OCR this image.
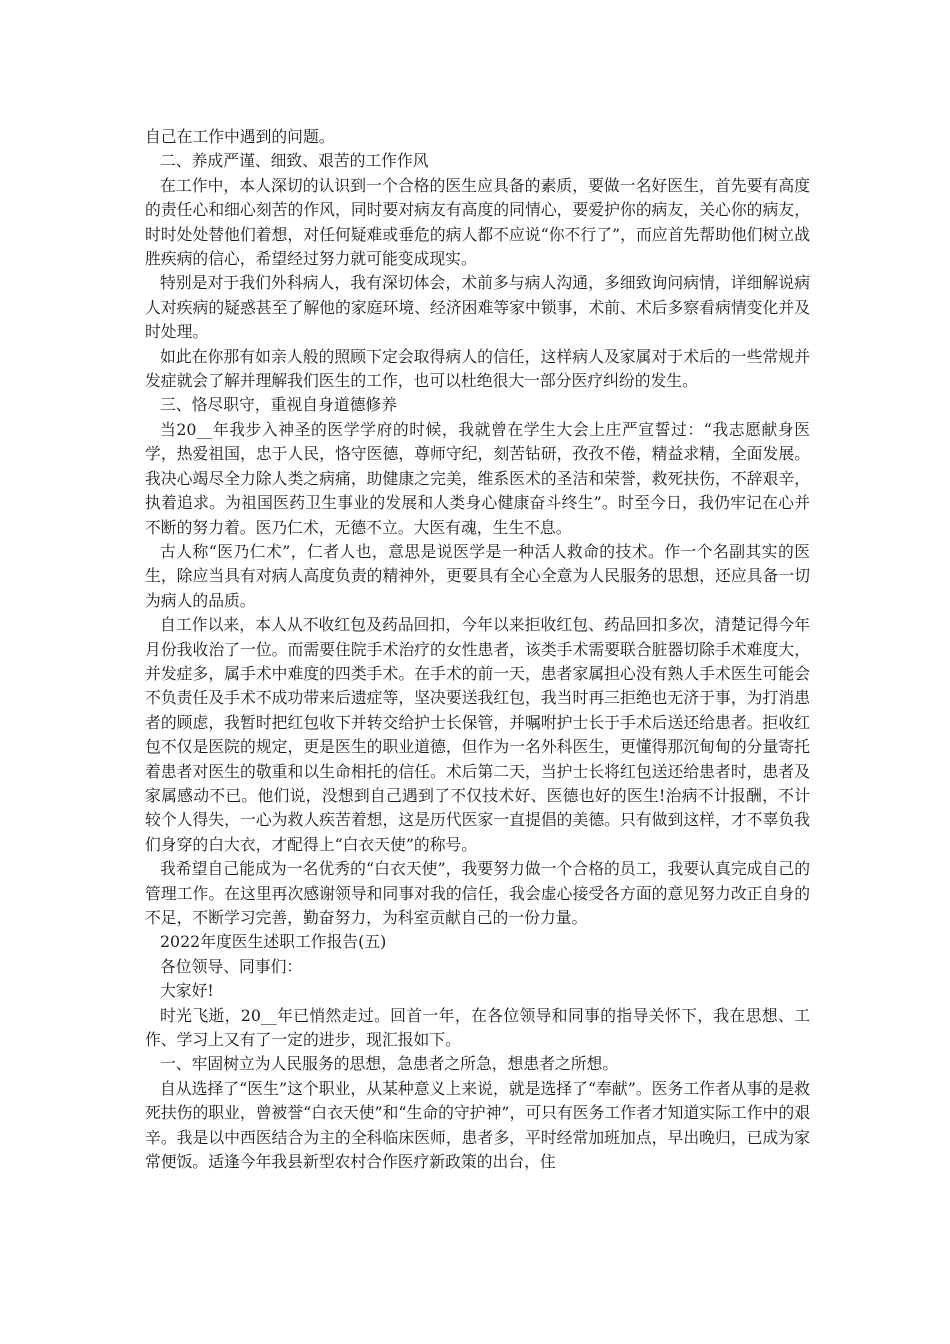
自己在工作中遇到的问题。

二、养成严谨、细致、艰苦的工作作风

在工作中，本人深切的认识到一个合格的医生应具备的素质，要做一名好医生，首先要有高度的责任心和细心刻苦的作风，同时要对病友有高度的同情心，要爱护你的病友，关心你的病友，时时处处替他们着想，对任何疑难或垂危的病人都不应说“你不行了”，而应首先帮助他们树立战胜疾病的信心，希望经过努力就可能变成现实。

特别是对于我们外科病人，我有深切体会，术前多与病人沟通，多细致询问病情，详细解说病人对疾病的疑惑甚至了解他的家庭环境、经济困难等家中锁事，术前、术后多察看病情变化并及时处理。

如此在你那有如亲人般的照顾下定会取得病人的信任，这样病人及家属对于术后的一些常规并发症就会了解并理解我们医生的工作，也可以杜绝很大一部分医疗纠纷的发生。

三、恪尽职守，重视自身道德修养

当20__年我步入神圣的医学学府的时候，我就曾在学生大会上庄严宣誓过：“我志愿献身医学，热爱祖国，忠于人民，恪守医德，尊师守纪，刻苦钻研，孜孜不倦，精益求精，全面发展。我决心竭尽全力除人类之病痛，助健康之完美，维系医术的圣洁和荣誉，救死扶伤，不辞艰辛，执着追求。为祖国医药卫生事业的发展和人类身心健康奋斗终生”。时至今日，我仍牢记在心并不断的努力着。医乃仁术，无德不立。大医有魂，生生不息。

古人称“医乃仁术”，仁者人也，意思是说医学是一种活人救命的技术。作一个名副其实的医生，除应当具有对病人高度负责的精神外，更要具有全心全意为人民服务的思想，还应具备一切为病人的品质。

自工作以来，本人从不收红包及药品回扣，今年以来拒收红包、药品回扣多次，清楚记得今年月份我收治了一位。而需要住院手术治疗的女性患者，该类手术需要联合脏器切除手术难度大，并发症多，属手术中难度的四类手术。在手术的前一天，患者家属担心没有熟人手术医生可能会不负责任及手术不成功带来后遗症等，坚决要送我红包，我当时再三拒绝也无济于事，为打消患者的顾虑，我暂时把红包收下并转交给护士长保管，并嘱咐护士长于手术后送还给患者。拒收红包不仅是医院的规定，更是医生的职业道德，但作为一名外科医生，更懂得那沉甸甸的分量寄托着患者对医生的敬重和以生命相托的信任。术后第二天，当护士长将红包送还给患者时，患者及家属感动不已。他们说，没想到自己遇到了不仅技术好、医德也好的医生!治病不计报酬，不计较个人得失，一心为救人疾苦着想，这是历代医家一直提倡的美德。只有做到这样，才不辜负我们身穿的白大衣，才配得上“白衣天使”的称号。

我希望自己能成为一名优秀的“白衣天使”，我要努力做一个合格的员工，我要认真完成自己的管理工作。在这里再次感谢领导和同事对我的信任，我会虚心接受各方面的意见努力改正自身的不足，不断学习完善，勤奋努力，为科室贡献自己的一份力量。

2022年度医生述职工作报告(五)

各位领导、同事们：

大家好!

时光飞逝，20__年已悄然走过。回首一年，在各位领导和同事的指导关怀下，我在思想、工作、学习上又有了一定的进步，现汇报如下。

一、牢固树立为人民服务的思想，急患者之所急，想患者之所想。

自从选择了“医生”这个职业，从某种意义上来说，就是选择了“奉献”。医务工作者从事的是救死扶伤的职业，曾被誉“白衣天使”和“生命的守护神”，可只有医务工作者才知道实际工作中的艰辛。我是以中西医结合为主的全科临床医师，患者多，平时经常加班加点，早出晚归，已成为家常便饭。适逢今年我县新型农村合作医疗新政策的出台，住
